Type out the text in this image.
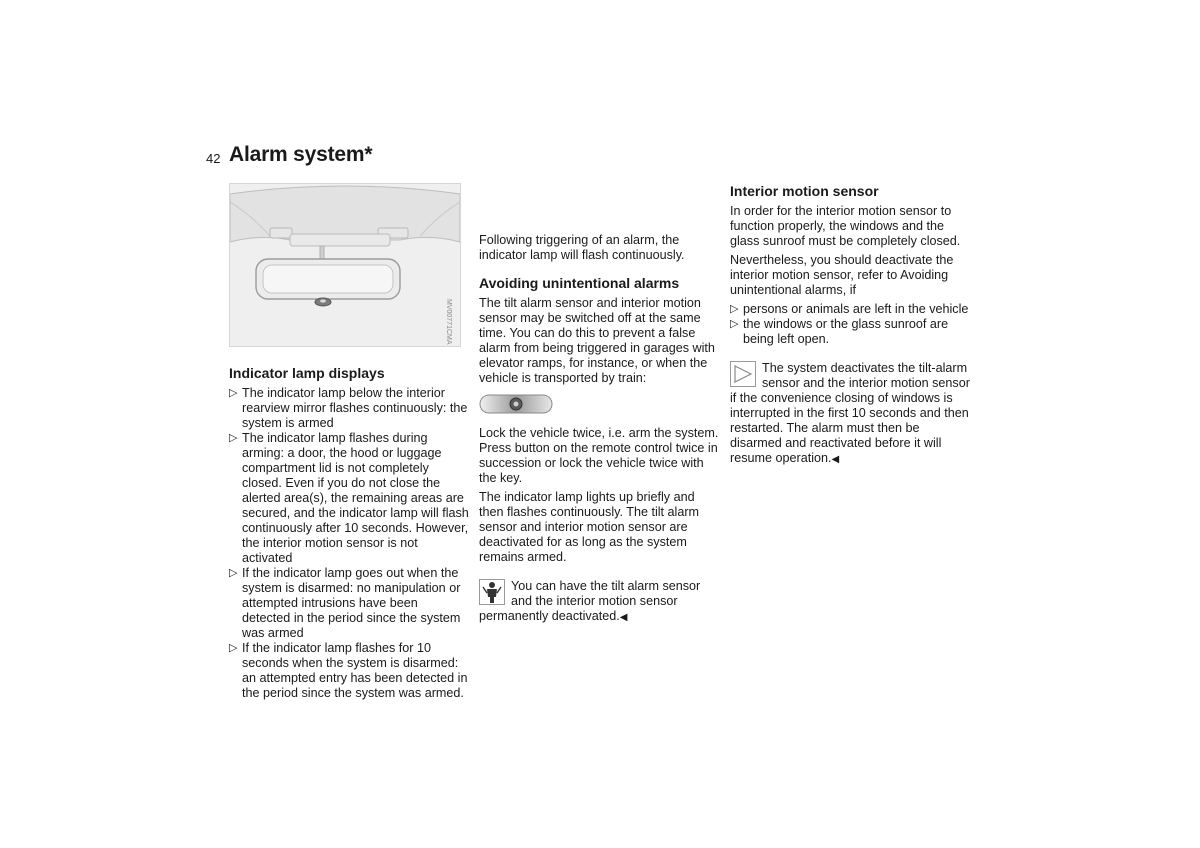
42 Alarm system*
MV00771CMA
Indicator lamp displays
▷ The indicator lamp below the interior rearview mirror flashes continuously: the system is armed
▷ The indicator lamp flashes during arming: a door, the hood or luggage compartment lid is not completely closed. Even if you do not close the alerted area(s), the remaining areas are secured, and the indicator lamp will flash continuously after 10 seconds. However, the interior motion sensor is not activated
▷ If the indicator lamp goes out when the system is disarmed: no manipulation or attempted intrusions have been detected in the period since the system was armed
▷ If the indicator lamp flashes for 10 seconds when the system is disarmed: an attempted entry has been detected in the period since the system was armed.

Following triggering of an alarm, the indicator lamp will flash continuously.

Avoiding unintentional alarms

The tilt alarm sensor and interior motion sensor may be switched off at the same time. You can do this to prevent a false alarm from being triggered in garages with elevator ramps, for instance, or when the vehicle is transported by train:

Lock the vehicle twice, i.e. arm the system. Press button on the remote control twice in succession or lock the vehicle twice with the key.

The indicator lamp lights up briefly and then flashes continuously. The tilt alarm sensor and interior motion sensor are deactivated for as long as the system remains armed.

You can have the tilt alarm sensor and the interior motion sensor permanently deactivated.◀
Interior motion sensor

In order for the interior motion sensor to function properly, the windows and the glass sunroof must be completely closed.

Nevertheless, you should deactivate the interior motion sensor, refer to Avoiding unintentional alarms, if

▷ persons or animals are left in the vehicle
▷ the windows or the glass sunroof are being left open.
The system deactivates the tilt-alarm sensor and the interior motion sensor if the convenience closing of windows is interrupted in the first 10 seconds and then restarted. The alarm must then be disarmed and reactivated before it will resume operation.◀
